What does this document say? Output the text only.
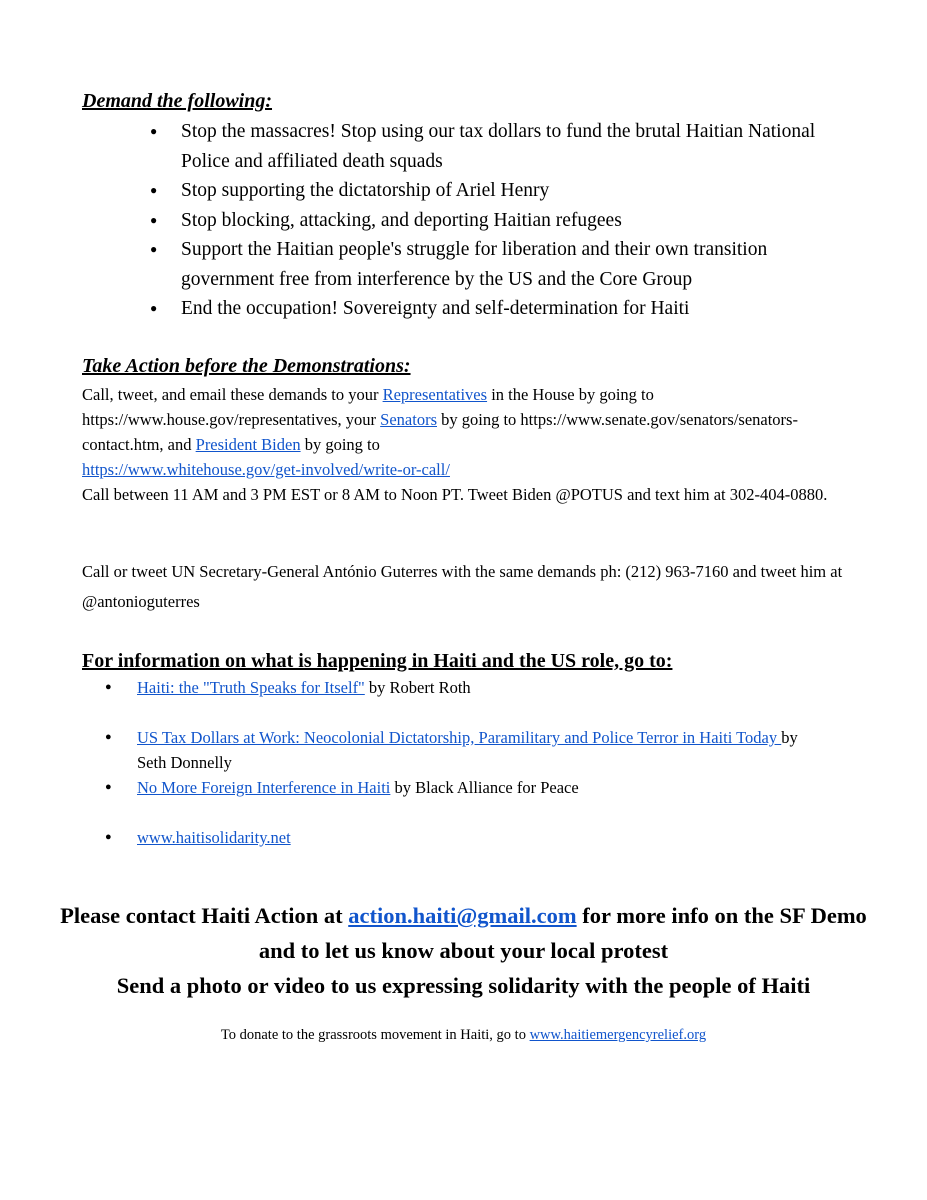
Demand the following:
● Stop the massacres! Stop using our tax dollars to fund the brutal Haitian National Police and affiliated death squads
● Stop supporting the dictatorship of Ariel Henry
● Stop blocking, attacking, and deporting Haitian refugees
● Support the Haitian people's struggle for liberation and their own transition government free from interference by the US and the Core Group
● End the occupation! Sovereignty and self-determination for Haiti
Take Action before the Demonstrations:
Call, tweet, and email these demands to your Representatives in the House by going to https://www.house.gov/representatives, your Senators by going to https://www.senate.gov/senators/senators-contact.htm, and President Biden by going to
https://www.whitehouse.gov/get-involved/write-or-call/
Call between 11 AM and 3 PM EST or 8 AM to Noon PT. Tweet Biden @POTUS and text him at 302-404-0880.
Call or tweet UN Secretary-General António Guterres with the same demands ph: (212) 963-7160 and tweet him at @antonioguterres
For information on what is happening in Haiti and the US role, go to:
● Haiti: the "Truth Speaks for Itself" by Robert Roth
● US Tax Dollars at Work: Neocolonial Dictatorship, Paramilitary and Police Terror in Haiti Today by Seth Donnelly
● No More Foreign Interference in Haiti by Black Alliance for Peace
● www.haitisolidarity.net
Please contact Haiti Action at action.haiti@gmail.com for more info on the SF Demo and to let us know about your local protest
Send a photo or video to us expressing solidarity with the people of Haiti
To donate to the grassroots movement in Haiti, go to www.haitiemergencyrelief.org
